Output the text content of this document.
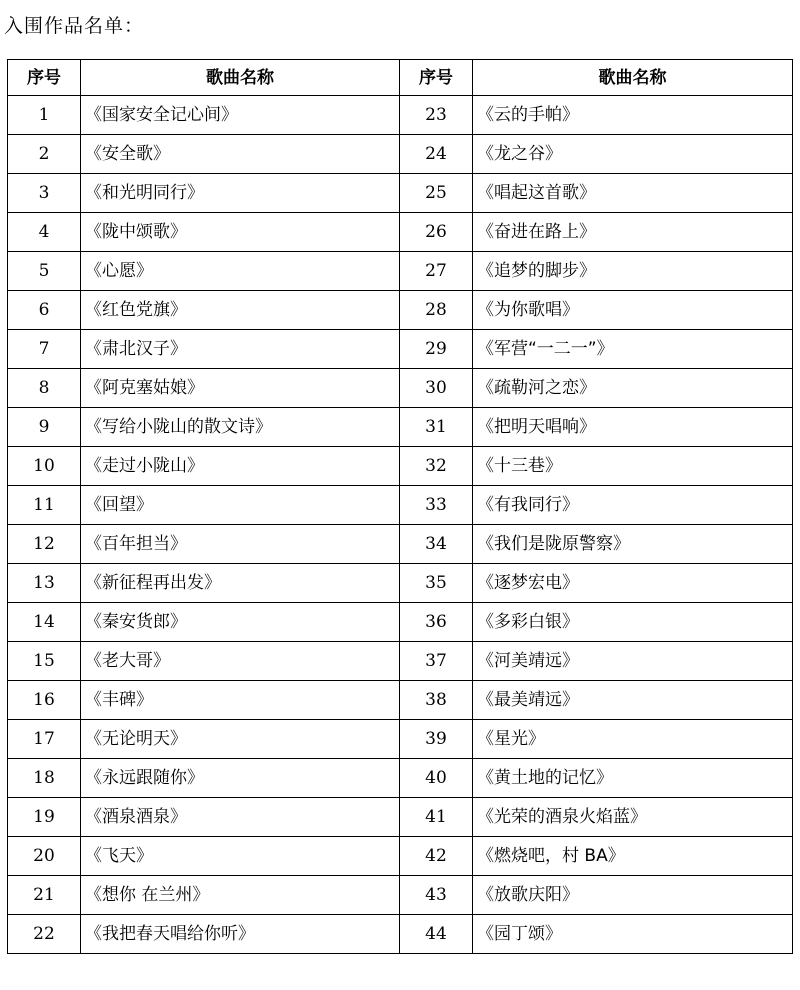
入围作品名单：
序号	歌曲名称	序号	歌曲名称
1	《国家安全记心间》	23	《云的手帕》
2	《安全歌》	24	《龙之谷》
3	《和光明同行》	25	《唱起这首歌》
4	《陇中颂歌》	26	《奋进在路上》
5	《心愿》	27	《追梦的脚步》
6	《红色党旗》	28	《为你歌唱》
7	《肃北汉子》	29	《军营“一二一”》
8	《阿克塞姑娘》	30	《疏勒河之恋》
9	《写给小陇山的散文诗》	31	《把明天唱响》
10	《走过小陇山》	32	《十三巷》
11	《回望》	33	《有我同行》
12	《百年担当》	34	《我们是陇原警察》
13	《新征程再出发》	35	《逐梦宏电》
14	《秦安货郎》	36	《多彩白银》
15	《老大哥》	37	《河美靖远》
16	《丰碑》	38	《最美靖远》
17	《无论明天》	39	《星光》
18	《永远跟随你》	40	《黄土地的记忆》
19	《酒泉酒泉》	41	《光荣的酒泉火焰蓝》
20	《飞天》	42	《燃烧吧，村 BA》
21	《想你 在兰州》	43	《放歌庆阳》
22	《我把春天唱给你听》	44	《园丁颂》
